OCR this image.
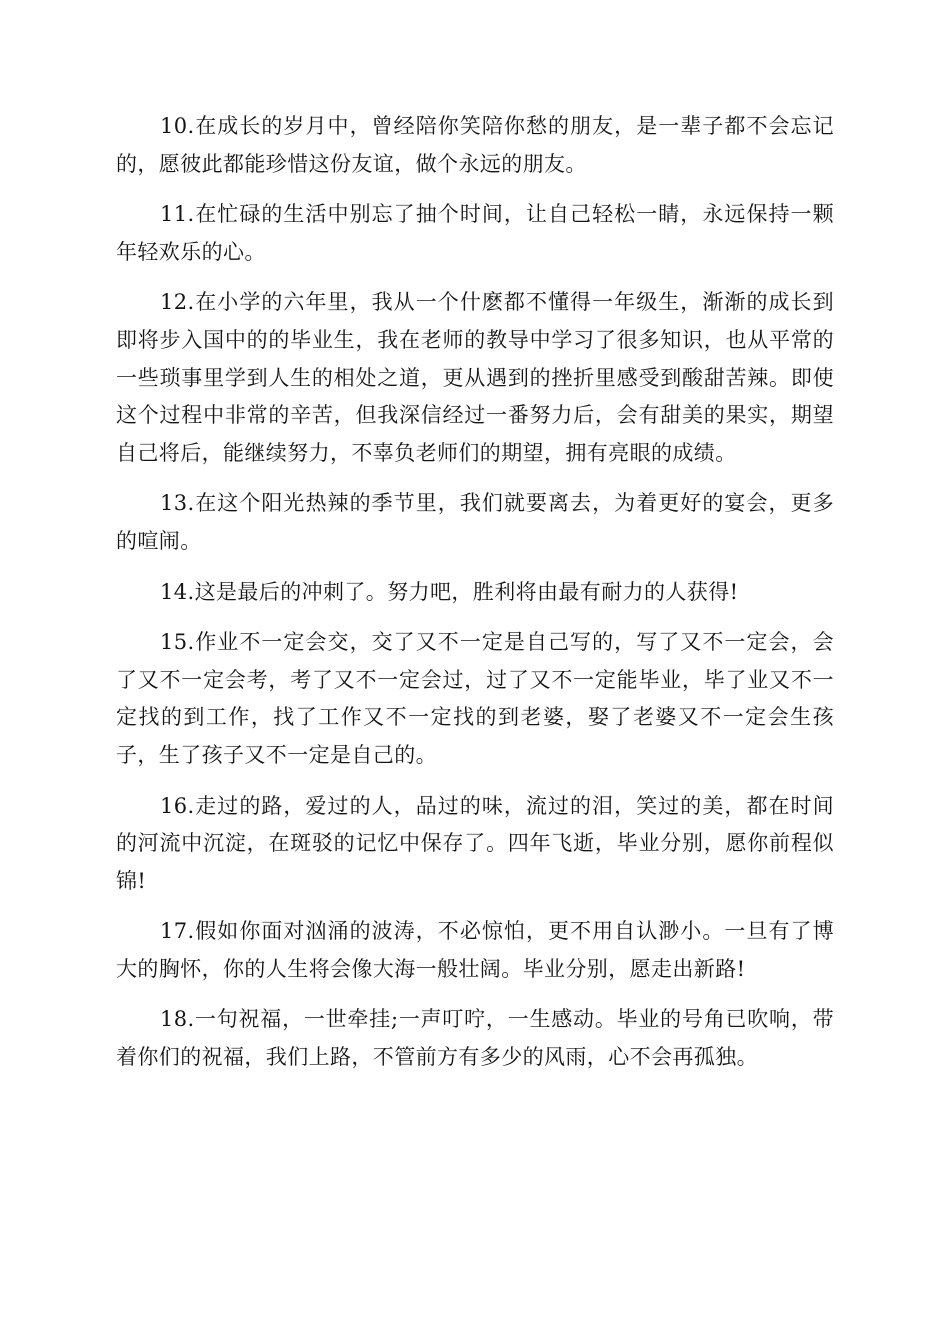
10.在成长的岁月中，曾经陪你笑陪你愁的朋友，是一辈子都不会忘记的，愿彼此都能珍惜这份友谊，做个永远的朋友。

11.在忙碌的生活中别忘了抽个时间，让自己轻松一睛，永远保持一颗年轻欢乐的心。

12.在小学的六年里，我从一个什麽都不懂得一年级生，渐渐的成长到即将步入国中的的毕业生，我在老师的教导中学习了很多知识，也从平常的一些琐事里学到人生的相处之道，更从遇到的挫折里感受到酸甜苦辣。即使这个过程中非常的辛苦，但我深信经过一番努力后，会有甜美的果实，期望自己将后，能继续努力，不辜负老师们的期望，拥有亮眼的成绩。

13.在这个阳光热辣的季节里，我们就要离去，为着更好的宴会，更多的喧闹。

14.这是最后的冲刺了。努力吧，胜利将由最有耐力的人获得!

15.作业不一定会交，交了又不一定是自己写的，写了又不一定会，会了又不一定会考，考了又不一定会过，过了又不一定能毕业，毕了业又不一定找的到工作，找了工作又不一定找的到老婆，娶了老婆又不一定会生孩子，生了孩子又不一定是自己的。

16.走过的路，爱过的人，品过的味，流过的泪，笑过的美，都在时间的河流中沉淀，在斑驳的记忆中保存了。四年飞逝，毕业分别，愿你前程似锦!

17.假如你面对汹涌的波涛，不必惊怕，更不用自认渺小。一旦有了博大的胸怀，你的人生将会像大海一般壮阔。毕业分别，愿走出新路!

18.一句祝福，一世牵挂;一声叮咛，一生感动。毕业的号角已吹响，带着你们的祝福，我们上路，不管前方有多少的风雨，心不会再孤独。
